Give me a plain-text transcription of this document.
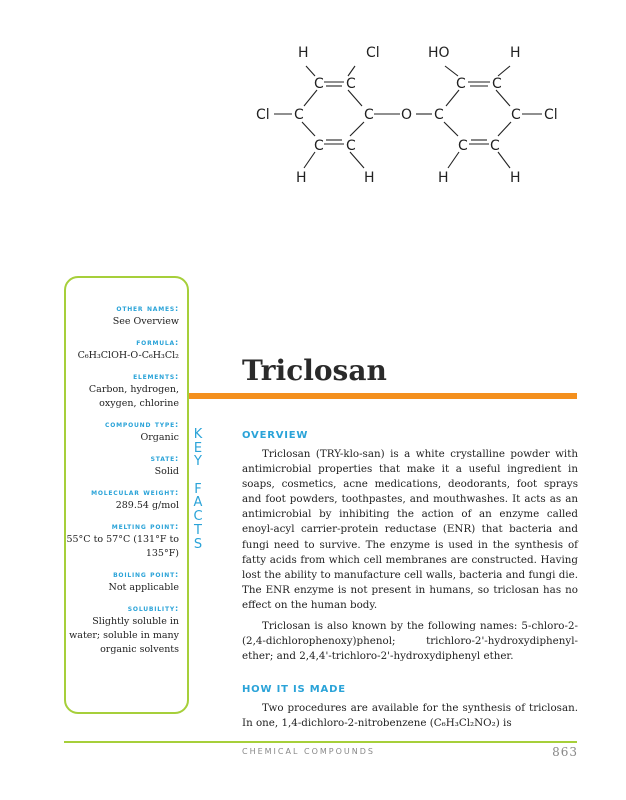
H	Cl	HO	H
C C	C C
Cl C	C O C	C Cl
C C	C C
H	H	H	H
other names:
See Overview
formula:
C₆H₃ClOH-O-C₆H₃Cl₂
elements:
Carbon, hydrogen, oxygen, chlorine
compound type:
Organic
state:
Solid
molecular weight:
289.54 g/mol
melting point:
55°C to 57°C (131°F to 135°F)
boiling point:
Not applicable
solubility:
Slightly soluble in water; soluble in many organic solvents
K
E
Y

F
A
C
T
S
Triclosan
OVERVIEW

Triclosan (TRY-klo-san) is a white crystalline powder with antimicrobial properties that make it a useful ingredient in soaps, cosmetics, acne medications, deodorants, foot sprays and foot powders, toothpastes, and mouthwashes. It acts as an antimicrobial by inhibiting the action of an enzyme called enoyl-acyl carrier-protein reductase (ENR) that bacteria and fungi need to survive. The enzyme is used in the synthesis of fatty acids from which cell membranes are constructed. Having lost the ability to manufacture cell walls, bacteria and fungi die. The ENR enzyme is not present in humans, so triclosan has no effect on the human body.

Triclosan is also known by the following names: 5-chloro-2-(2,4-dichlorophenoxy)phenol; trichloro-2'-hydroxydiphenyl-ether; and 2,4,4'-trichloro-2'-hydroxydiphenyl ether.

HOW IT IS MADE

Two procedures are available for the synthesis of triclosan. In one, 1,4-dichloro-2-nitrobenzene (C₆H₃Cl₂NO₂) is

CHEMICAL COMPOUNDS	863
